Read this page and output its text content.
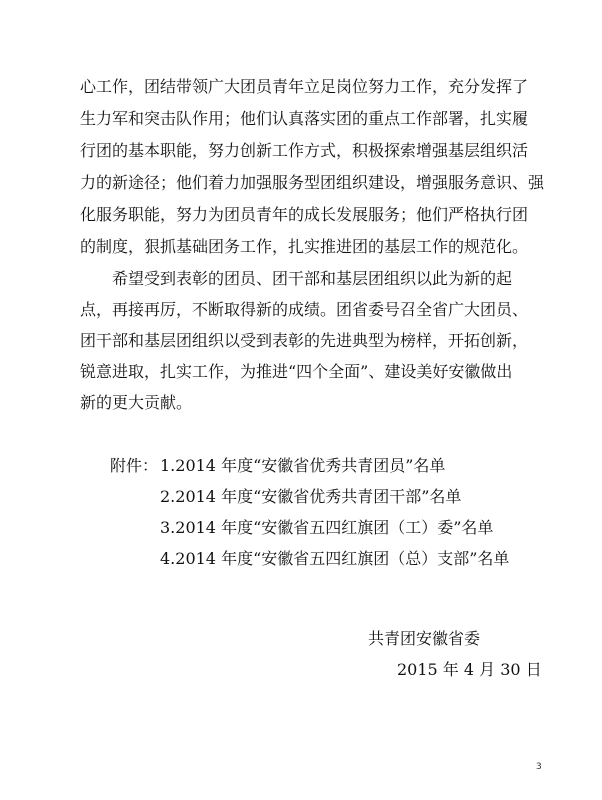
心工作，团结带领广大团员青年立足岗位努力工作，充分发挥了
生力军和突击队作用；他们认真落实团的重点工作部署，扎实履
行团的基本职能，努力创新工作方式，积极探索增强基层组织活
力的新途径；他们着力加强服务型团组织建设，增强服务意识、强
化服务职能，努力为团员青年的成长发展服务；他们严格执行团
的制度，狠抓基础团务工作，扎实推进团的基层工作的规范化。
希望受到表彰的团员、团干部和基层团组织以此为新的起
点，再接再厉，不断取得新的成绩。团省委号召全省广大团员、
团干部和基层团组织以受到表彰的先进典型为榜样，开拓创新，
锐意进取，扎实工作，为推进“四个全面”、建设美好安徽做出
新的更大贡献。
附件： 1.2014 年度“安徽省优秀共青团员”名单
2.2014 年度“安徽省优秀共青团干部”名单
3.2014 年度“安徽省五四红旗团（工）委”名单
4.2014 年度“安徽省五四红旗团（总）支部”名单
共青团安徽省委
2015 年 4 月 30 日
3
